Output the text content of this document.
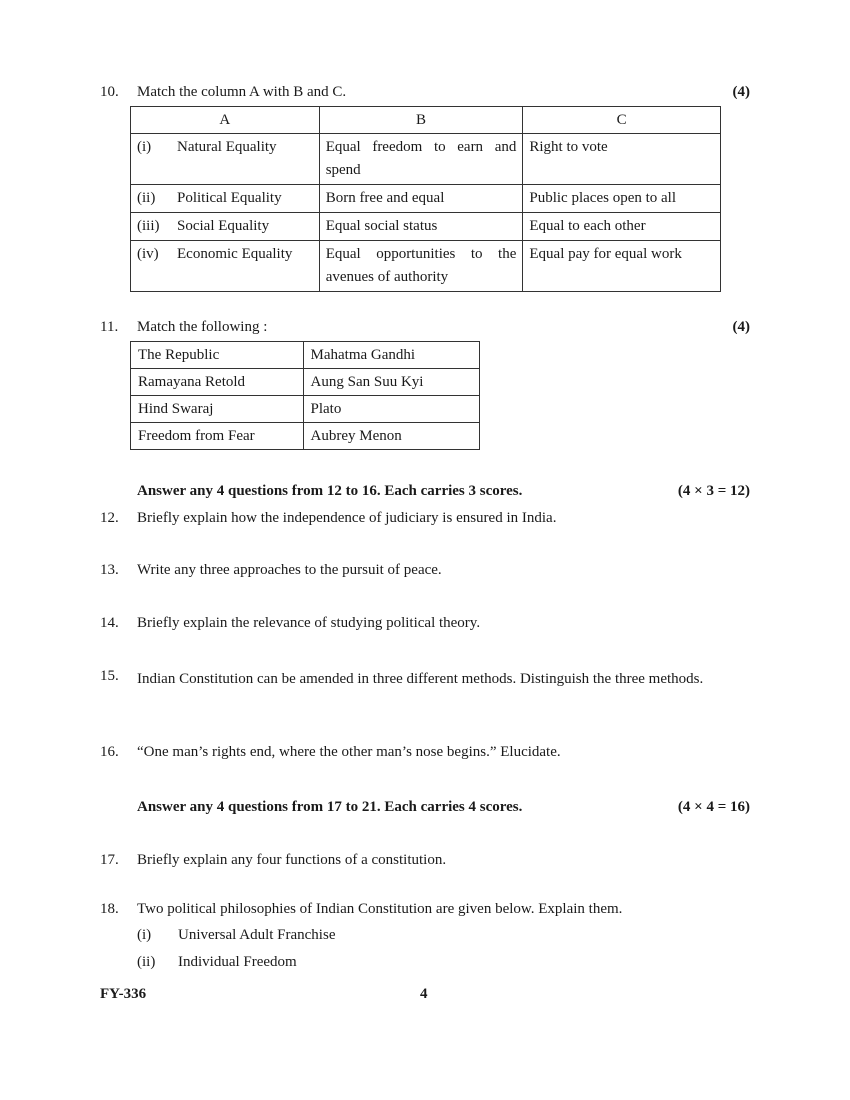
10. Match the column A with B and C.	(4)
A	B	C
(i) Natural Equality	Equal freedom to earn and spend	Right to vote
(ii) Political Equality	Born free and equal	Public places open to all
(iii) Social Equality	Equal social status	Equal to each other
(iv) Economic Equality	Equal opportunities to the avenues of authority	Equal pay for equal work
11. Match the following :	(4)
The Republic	Mahatma Gandhi
Ramayana Retold	Aung San Suu Kyi
Hind Swaraj	Plato
Freedom from Fear	Aubrey Menon
Answer any 4 questions from 12 to 16. Each carries 3 scores.	(4 × 3 = 12)
12. Briefly explain how the independence of judiciary is ensured in India.
13. Write any three approaches to the pursuit of peace.
14. Briefly explain the relevance of studying political theory.
15. Indian Constitution can be amended in three different methods. Distinguish the three methods.
16. “One man’s rights end, where the other man’s nose begins.” Elucidate.
Answer any 4 questions from 17 to 21. Each carries 4 scores.	(4 × 4 = 16)
17. Briefly explain any four functions of a constitution.
18. Two political philosophies of Indian Constitution are given below. Explain them.
(i) Universal Adult Franchise
(ii) Individual Freedom
FY-336	4
